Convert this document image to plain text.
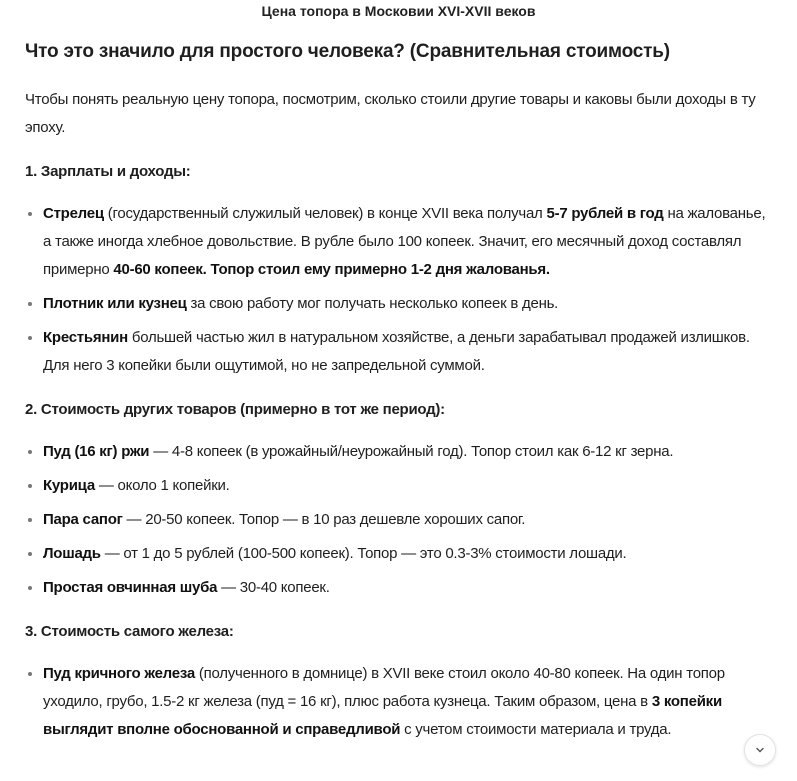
Цена топора в Московии XVI-XVII веков
Что это значило для простого человека? (Сравнительная стоимость)

Чтобы понять реальную цену топора, посмотрим, сколько стоили другие товары и каковы были доходы в ту эпоху.

1. Зарплаты и доходы:
• Стрелец (государственный служилый человек) в конце XVII века получал 5-7 рублей в год на жалованье, а также иногда хлебное довольствие. В рубле было 100 копеек. Значит, его месячный доход составлял примерно 40-60 копеек. Топор стоил ему примерно 1-2 дня жалованья.
• Плотник или кузнец за свою работу мог получать несколько копеек в день.
• Крестьянин большей частью жил в натуральном хозяйстве, а деньги зарабатывал продажей излишков. Для него 3 копейки были ощутимой, но не запредельной суммой.
2. Стоимость других товаров (примерно в тот же период):
• Пуд (16 кг) ржи — 4-8 копеек (в урожайный/неурожайный год). Топор стоил как 6-12 кг зерна.
• Курица — около 1 копейки.
• Пара сапог — 20-50 копеек. Топор — в 10 раз дешевле хороших сапог.
• Лошадь — от 1 до 5 рублей (100-500 копеек). Топор — это 0.3-3% стоимости лошади.
• Простая овчинная шуба — 30-40 копеек.
3. Стоимость самого железа:
• Пуд кричного железа (полученного в домнице) в XVII веке стоил около 40-80 копеек. На один топор уходило, грубо, 1.5-2 кг железа (пуд = 16 кг), плюс работа кузнеца. Таким образом, цена в 3 копейки выглядит вполне обоснованной и справедливой с учетом стоимости материала и труда.
